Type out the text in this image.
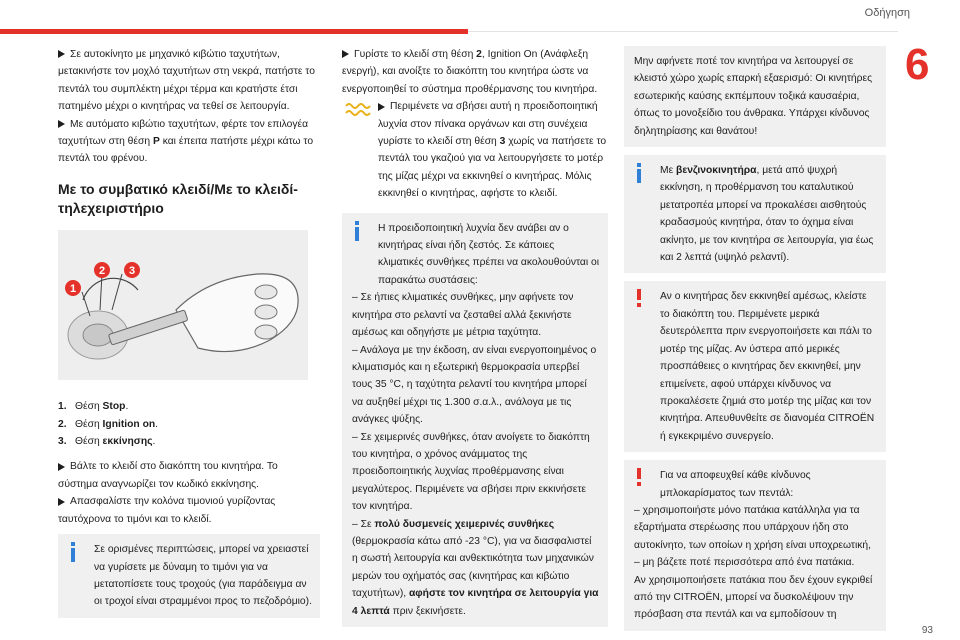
Οδήγηση
6

Σε αυτοκίνητο με μηχανικό κιβώτιο ταχυτήτων, μετακινήστε τον μοχλό ταχυτήτων στη νεκρά, πατήστε το πεντάλ του συμπλέκτη μέχρι τέρμα και κρατήστε έτσι πατημένο μέχρι ο κινητήρας να τεθεί σε λειτουργία.

Με αυτόματο κιβώτιο ταχυτήτων, φέρτε τον επιλογέα ταχυτήτων στη θέση P και έπειτα πατήστε μέχρι κάτω το πεντάλ του φρένου.

Με το συμβατικό κλειδί/Με το κλειδί-τηλεχειριστήριο
1
2 3
1. Θέση Stop.
2. Θέση Ignition on.
3. Θέση εκκίνησης.

Βάλτε το κλειδί στο διακόπτη του κινητήρα. Το σύστημα αναγνωρίζει τον κωδικό εκκίνησης.

Απασφαλίστε την κολόνα τιμονιού γυρίζοντας ταυτόχρονα το τιμόνι και το κλειδί.

Σε ορισμένες περιπτώσεις, μπορεί να χρειαστεί να γυρίσετε με δύναμη το τιμόνι για να μετατοπίσετε τους τροχούς (για παράδειγμα αν οι τροχοί είναι στραμμένοι προς το πεζοδρόμιο).

Γυρίστε το κλειδί στη θέση 2, Ignition On (Ανάφλεξη ενεργή), και ανοίξτε το διακόπτη του κινητήρα ώστε να ενεργοποιηθεί το σύστημα προθέρμανσης του κινητήρα.

Περιμένετε να σβήσει αυτή η προειδοποιητική λυχνία στον πίνακα οργάνων και στη συνέχεια γυρίστε το κλειδί στη θέση 3 χωρίς να πατήσετε το πεντάλ του γκαζιού για να λειτουργήσετε το μοτέρ της μίζας μέχρι να εκκινηθεί ο κινητήρας. Μόλις εκκινηθεί ο κινητήρας, αφήστε το κλειδί.

Η προειδοποιητική λυχνία δεν ανάβει αν ο κινητήρας είναι ήδη ζεστός. Σε κάποιες κλιματικές συνθήκες πρέπει να ακολουθούνται οι παρακάτω συστάσεις:

– Σε ήπιες κλιματικές συνθήκες, μην αφήνετε τον κινητήρα στο ρελαντί να ζεσταθεί αλλά ξεκινήστε αμέσως και οδηγήστε με μέτρια ταχύτητα.

– Ανάλογα με την έκδοση, αν είναι ενεργοποιημένος ο κλιματισμός και η εξωτερική θερμοκρασία υπερβεί τους 35 °C, η ταχύτητα ρελαντί του κινητήρα μπορεί να αυξηθεί μέχρι τις 1.300 σ.α.λ., ανάλογα με τις ανάγκες ψύξης.

– Σε χειμερινές συνθήκες, όταν ανοίγετε το διακόπτη του κινητήρα, ο χρόνος ανάμματος της προειδοποιητικής λυχνίας προθέρμανσης είναι μεγαλύτερος. Περιμένετε να σβήσει πριν εκκινήσετε τον κινητήρα.

– Σε πολύ δυσμενείς χειμερινές συνθήκες (θερμοκρασία κάτω από -23 °C), για να διασφαλιστεί η σωστή λειτουργία και ανθεκτικότητα των μηχανικών μερών του οχήματός σας (κινητήρας και κιβώτιο ταχυτήτων), αφήστε τον κινητήρα σε λειτουργία για 4 λεπτά πριν ξεκινήσετε.

Μην αφήνετε ποτέ τον κινητήρα να λειτουργεί σε κλειστό χώρο χωρίς επαρκή εξαερισμό: Οι κινητήρες εσωτερικής καύσης εκπέμπουν τοξικά καυσαέρια, όπως το μονοξείδιο του άνθρακα. Υπάρχει κίνδυνος δηλητηρίασης και θανάτου!

Με βενζινοκινητήρα, μετά από ψυχρή εκκίνηση, η προθέρμανση του καταλυτικού μετατροπέα μπορεί να προκαλέσει αισθητούς κραδασμούς κινητήρα, όταν το όχημα είναι ακίνητο, με τον κινητήρα σε λειτουργία, για έως και 2 λεπτά (υψηλό ρελαντί).

Αν ο κινητήρας δεν εκκινηθεί αμέσως, κλείστε το διακόπτη του. Περιμένετε μερικά δευτερόλεπτα πριν ενεργοποιήσετε και πάλι το μοτέρ της μίζας. Αν ύστερα από μερικές προσπάθειες ο κινητήρας δεν εκκινηθεί, μην επιμείνετε, αφού υπάρχει κίνδυνος να προκαλέσετε ζημιά στο μοτέρ της μίζας και τον κινητήρα. Απευθυνθείτε σε διανομέα CITROËN ή εγκεκριμένο συνεργείο.

Για να αποφευχθεί κάθε κίνδυνος μπλοκαρίσματος των πεντάλ:

– χρησιμοποιήστε μόνο πατάκια κατάλληλα για τα εξαρτήματα στερέωσης που υπάρχουν ήδη στο αυτοκίνητο, των οποίων η χρήση είναι υποχρεωτική,

– μη βάζετε ποτέ περισσότερα από ένα πατάκια.

Αν χρησιμοποιήσετε πατάκια που δεν έχουν εγκριθεί από την CITROËN, μπορεί να δυσκολέψουν την πρόσβαση στα πεντάλ και να εμποδίσουν τη

93
